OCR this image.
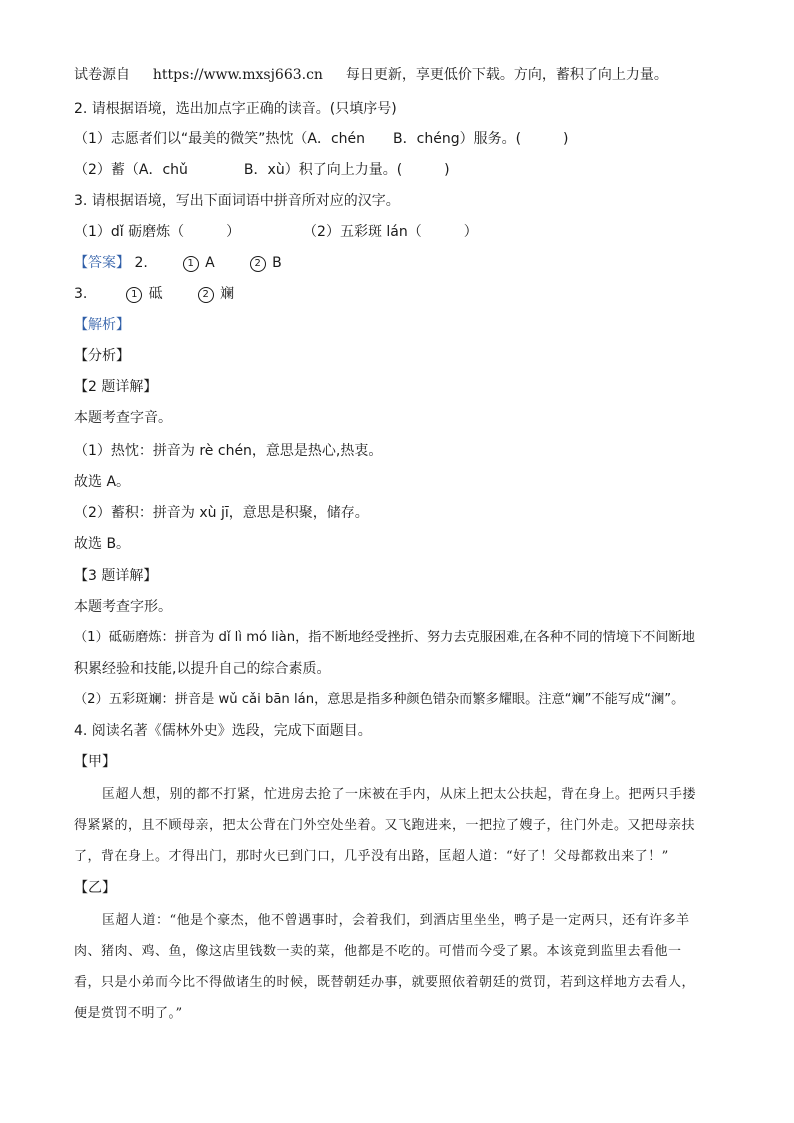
试卷源自 https://www.mxsj663.cn 每日更新，享更低价下载。方向，蓄积了向上力量。
2. 请根据语境，选出加点字正确的读音。(只填序号)
（1）志愿者们以“最美的微笑”热忱（A．chén　　B．chéng）服务。(　　　)
（2）蓄（A．chǔ　　　　B．xù）积了向上力量。(　　　)
3. 请根据语境，写出下面词语中拼音所对应的汉字。
（1）dǐ 砺磨炼（　　　）	（2）五彩斑 lán（　　　）
【答案】 2.	1 A	2 B
3.	1 砥	2 斓
【解析】
【分析】
【2 题详解】
本题考查字音。
（1）热忱：拼音为 rè chén，意思是热心,热衷。
故选 A。
（2）蓄积：拼音为 xù jī，意思是积聚，储存。
故选 B。
【3 题详解】
本题考查字形。
（1）砥砺磨炼：拼音为 dǐ lì mó liàn，指不断地经受挫折、努力去克服困难,在各种不同的情境下不间断地
积累经验和技能,以提升自己的综合素质。
（2）五彩斑斓：拼音是 wǔ cǎi bān lán，意思是指多种颜色错杂而繁多耀眼。注意“斓”不能写成“澜”。
4. 阅读名著《儒林外史》选段，完成下面题目。
【甲】
匡超人想，别的都不打紧，忙进房去抢了一床被在手内，从床上把太公扶起，背在身上。把两只手搂
得紧紧的，且不顾母亲，把太公背在门外空处坐着。又飞跑进来，一把拉了嫂子，往门外走。又把母亲扶
了，背在身上。才得出门，那时火已到门口，几乎没有出路，匡超人道：“好了！父母都救出来了！”
【乙】
匡超人道：“他是个豪杰，他不曾遇事时，会着我们，到酒店里坐坐，鸭子是一定两只，还有许多羊
肉、猪肉、鸡、鱼，像这店里钱数一卖的菜，他都是不吃的。可惜而今受了累。本该竟到监里去看他一
看，只是小弟而今比不得做诸生的时候，既替朝廷办事，就要照依着朝廷的赏罚，若到这样地方去看人，
便是赏罚不明了。”
